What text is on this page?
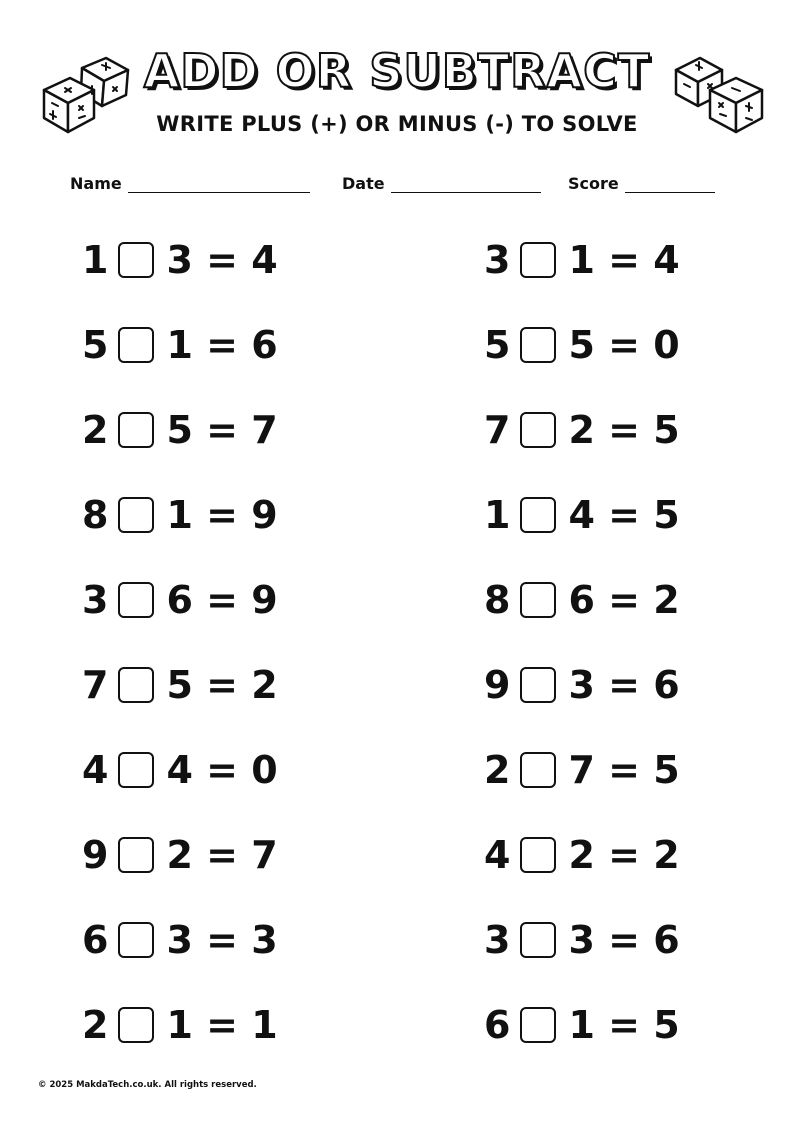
ADD OR SUBTRACT
WRITE PLUS (+) OR MINUS (-) TO SOLVE
Name	Date	Score
1 3 = 4
5 1 = 6
2 5 = 7
8 1 = 9
3 6 = 9
7 5 = 2
4 4 = 0
9 2 = 7
6 3 = 3
2 1 = 1
3 1 = 4
5 5 = 0
7 2 = 5
1 4 = 5
8 6 = 2
9 3 = 6
2 7 = 5
4 2 = 2
3 3 = 6
6 1 = 5
© 2025 MakdaTech.co.uk. All rights reserved.
